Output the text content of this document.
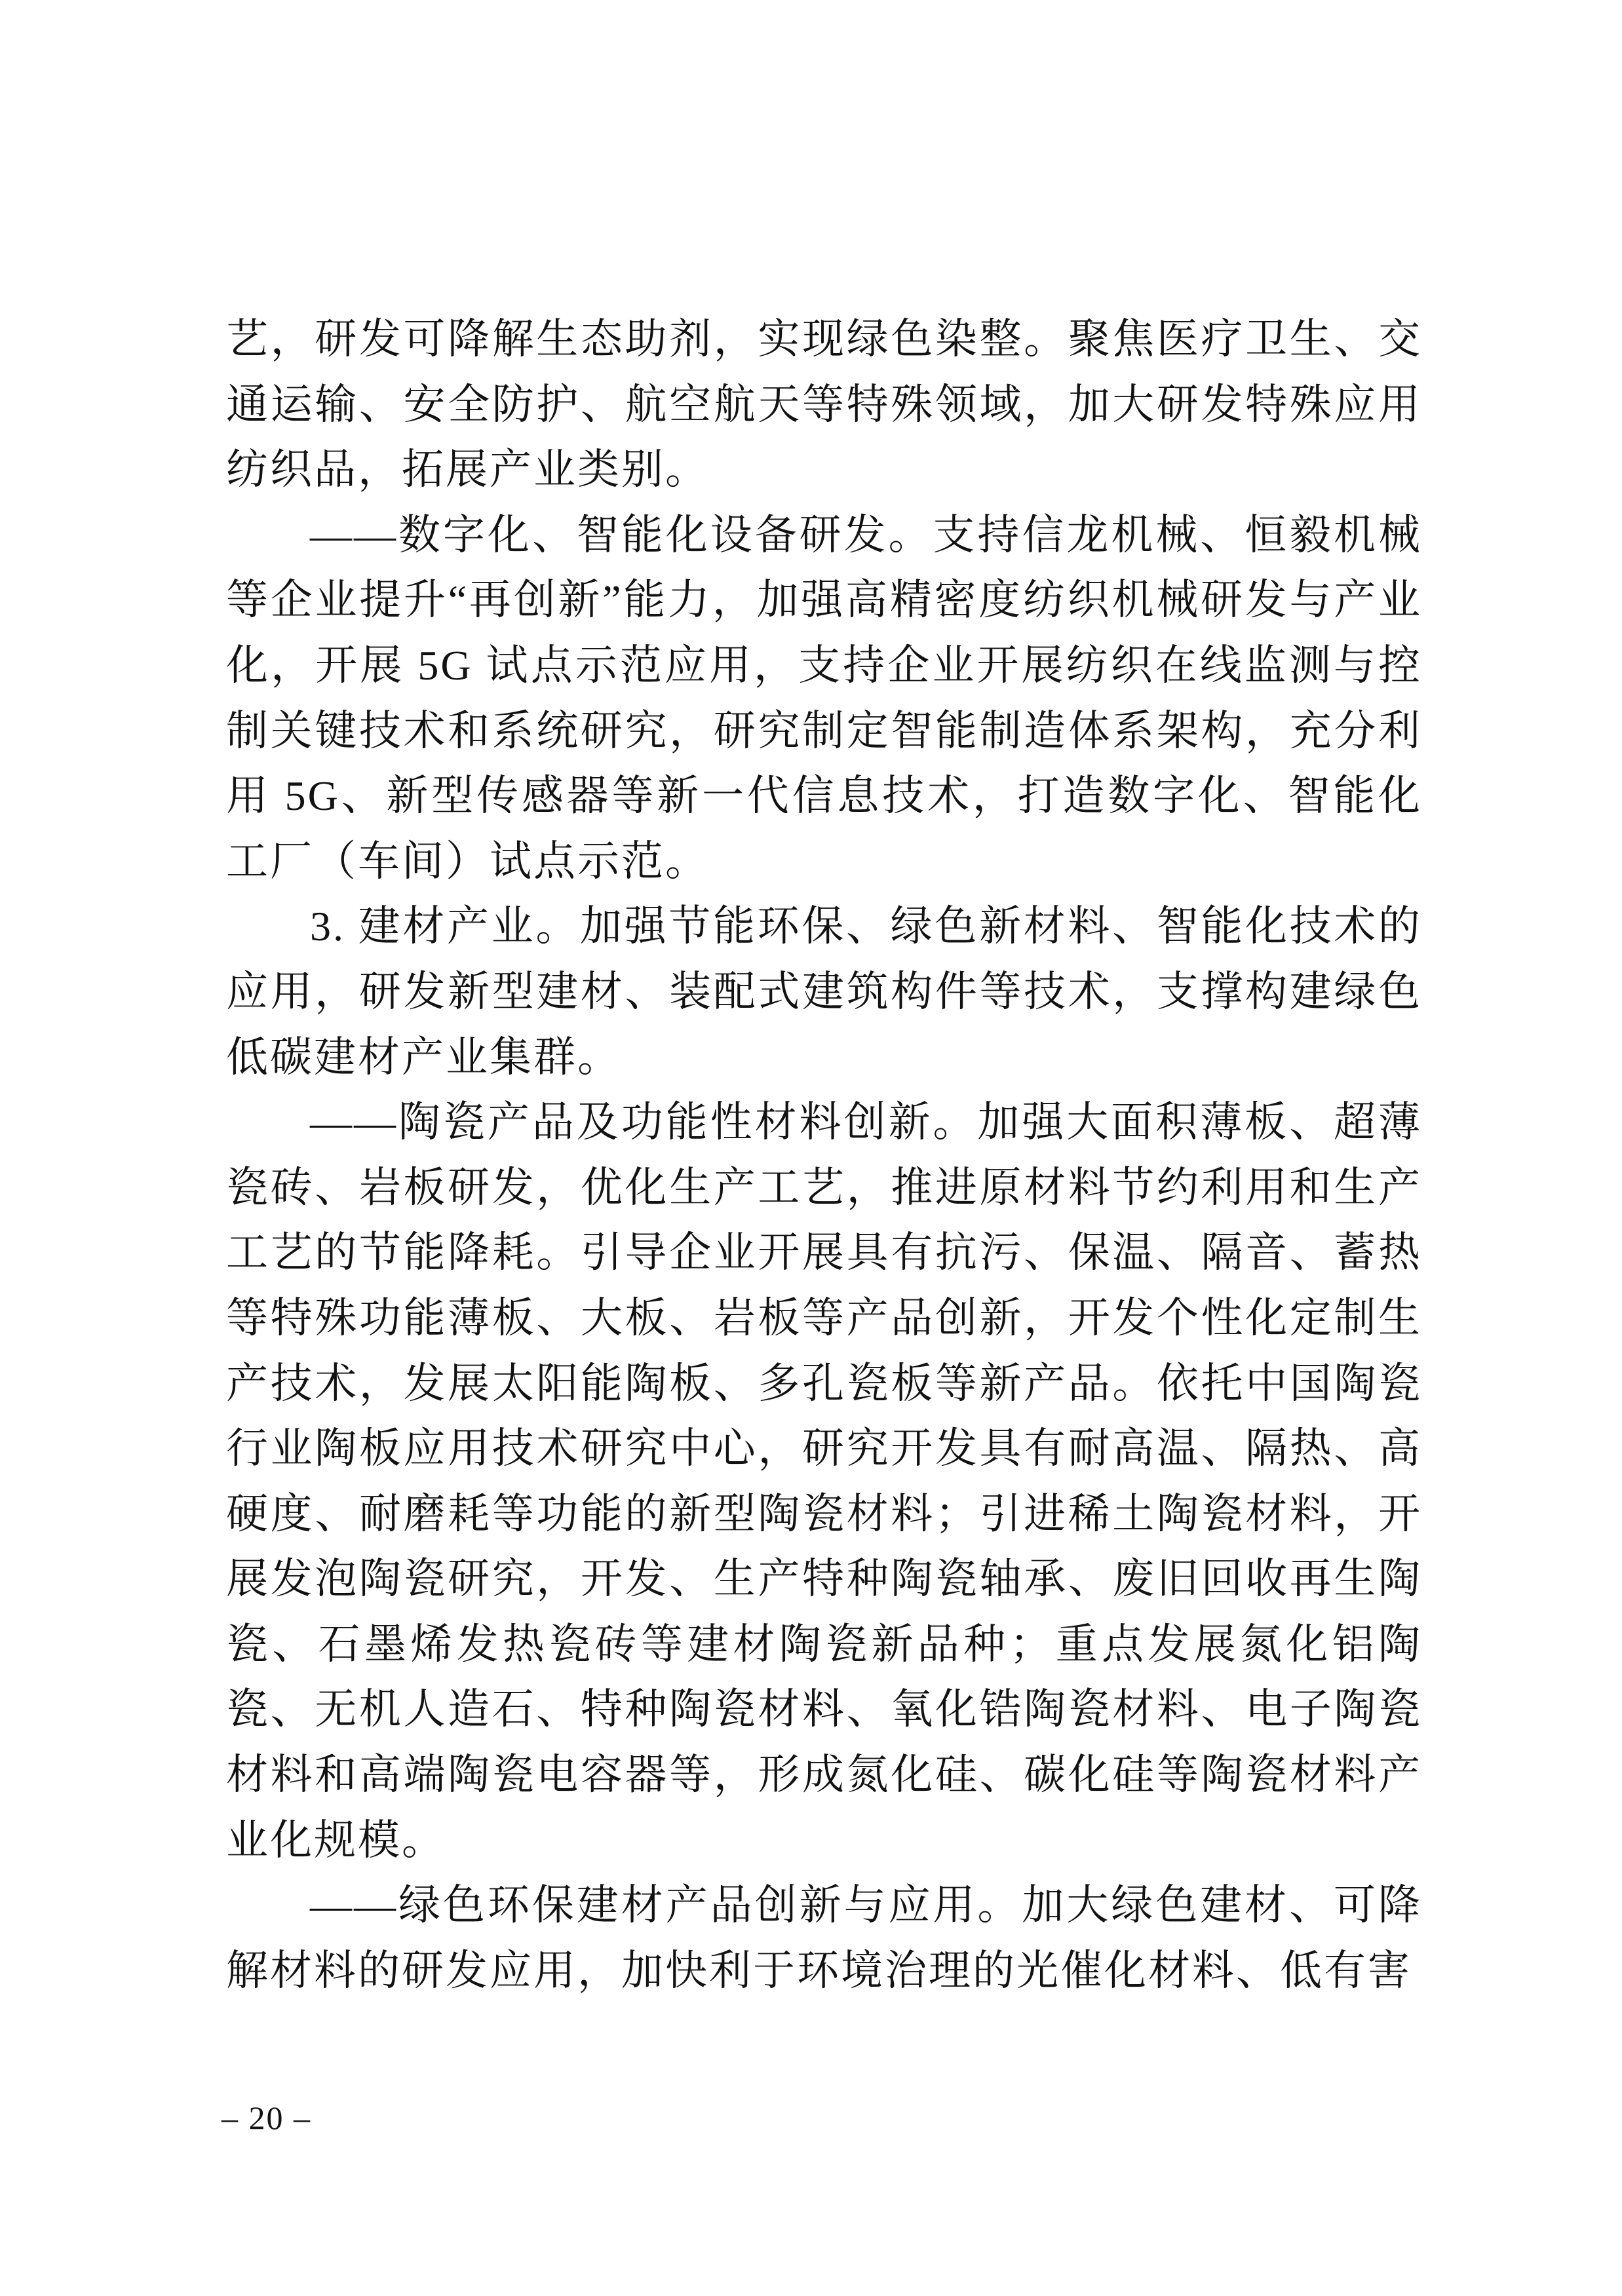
艺，研发可降解生态助剂，实现绿色染整。聚焦医疗卫生、交通运输、安全防护、航空航天等特殊领域，加大研发特殊应用纺织品，拓展产业类别。

——数字化、智能化设备研发。支持信龙机械、恒毅机械等企业提升“再创新”能力，加强高精密度纺织机械研发与产业化，开展 5G 试点示范应用，支持企业开展纺织在线监测与控制关键技术和系统研究，研究制定智能制造体系架构，充分利用 5G、新型传感器等新一代信息技术，打造数字化、智能化工厂（车间）试点示范。

3. 建材产业。加强节能环保、绿色新材料、智能化技术的应用，研发新型建材、装配式建筑构件等技术，支撑构建绿色低碳建材产业集群。

——陶瓷产品及功能性材料创新。加强大面积薄板、超薄瓷砖、岩板研发，优化生产工艺，推进原材料节约利用和生产工艺的节能降耗。引导企业开展具有抗污、保温、隔音、蓄热等特殊功能薄板、大板、岩板等产品创新，开发个性化定制生产技术，发展太阳能陶板、多孔瓷板等新产品。依托中国陶瓷行业陶板应用技术研究中心，研究开发具有耐高温、隔热、高硬度、耐磨耗等功能的新型陶瓷材料；引进稀土陶瓷材料，开展发泡陶瓷研究，开发、生产特种陶瓷轴承、废旧回收再生陶瓷、石墨烯发热瓷砖等建材陶瓷新品种；重点发展氮化铝陶瓷、无机人造石、特种陶瓷材料、氧化锆陶瓷材料、电子陶瓷材料和高端陶瓷电容器等，形成氮化硅、碳化硅等陶瓷材料产业化规模。

——绿色环保建材产品创新与应用。加大绿色建材、可降解材料的研发应用，加快利于环境治理的光催化材料、低有害

– 20 –
